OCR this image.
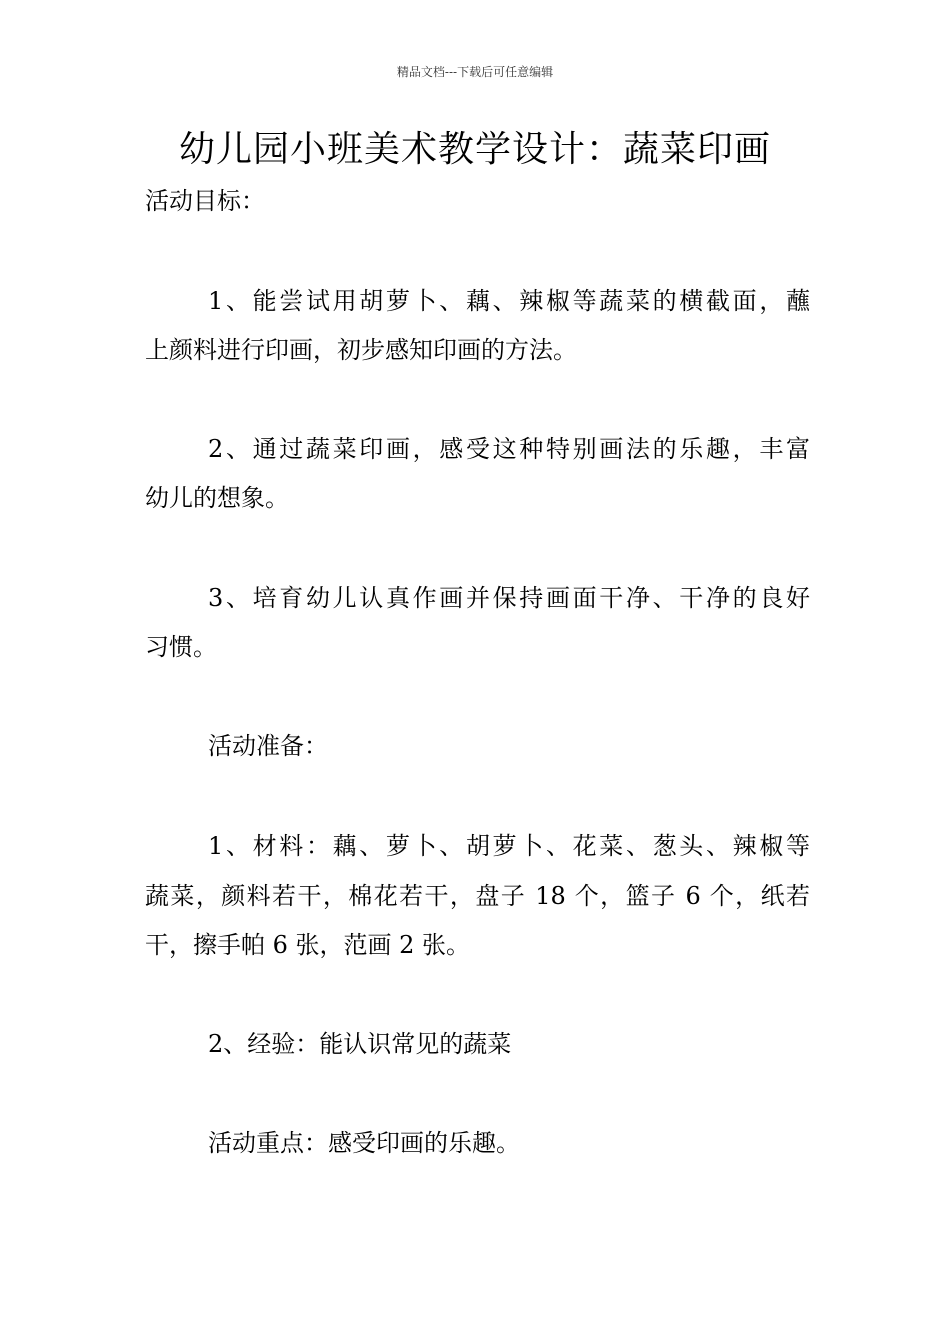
精品文档---下载后可任意编辑
幼儿园小班美术教学设计：蔬菜印画
活动目标：
1、能尝试用胡萝卜、藕、辣椒等蔬菜的横截面，蘸
上颜料进行印画，初步感知印画的方法。
2、通过蔬菜印画，感受这种特别画法的乐趣，丰富
幼儿的想象。
3、培育幼儿认真作画并保持画面干净、干净的良好
习惯。
活动准备：
1、材料：藕、萝卜、胡萝卜、花菜、葱头、辣椒等
蔬菜，颜料若干，棉花若干，盘子 18 个，篮子 6 个，纸若
干，擦手帕 6 张，范画 2 张。
2、经验：能认识常见的蔬菜
活动重点：感受印画的乐趣。
